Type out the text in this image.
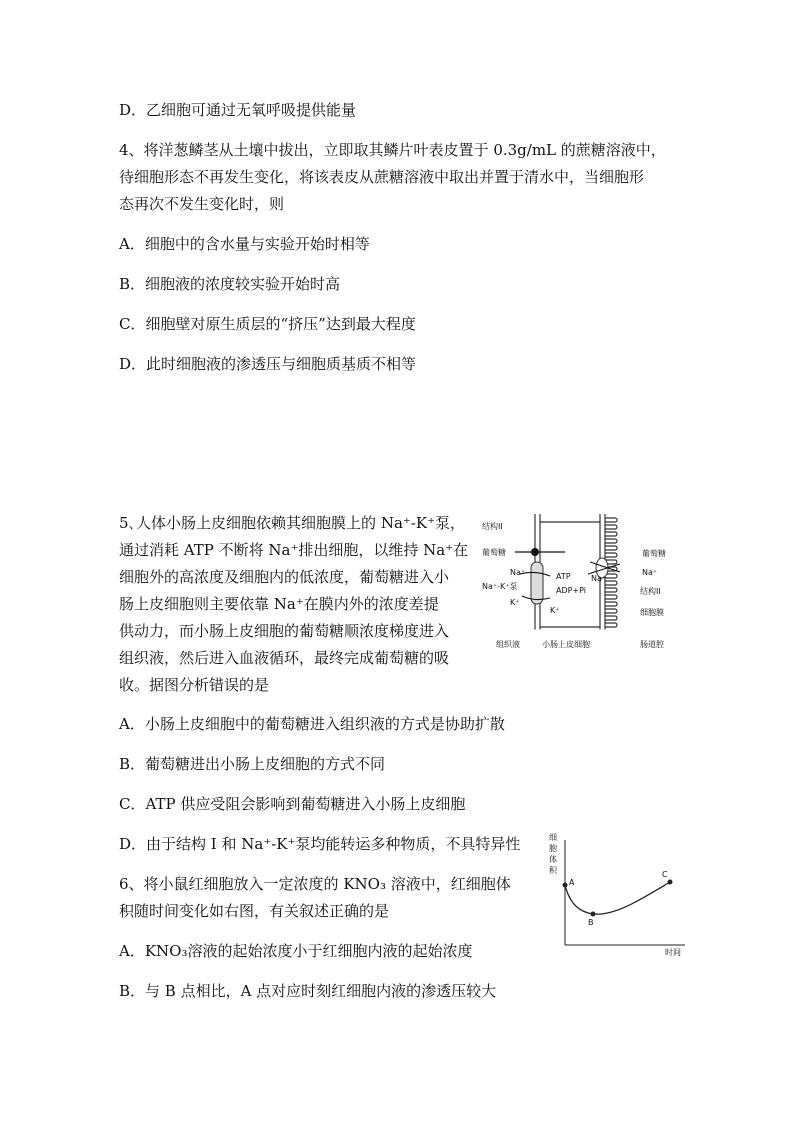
D．乙细胞可通过无氧呼吸提供能量
4、将洋葱鳞茎从土壤中拔出，立即取其鳞片叶表皮置于 0.3g/mL 的蔗糖溶液中，
待细胞形态不再发生变化，将该表皮从蔗糖溶液中取出并置于清水中，当细胞形
态再次不发生变化时，则
A．细胞中的含水量与实验开始时相等
B．细胞液的浓度较实验开始时高
C．细胞壁对原生质层的“挤压”达到最大程度
D．此时细胞液的渗透压与细胞质基质不相等
5､人体小肠上皮细胞依赖其细胞膜上的 Na⁺-K⁺泵，
通过消耗 ATP 不断将 Na⁺排出细胞，以维持 Na⁺在
细胞外的高浓度及细胞内的低浓度，葡萄糖进入小
肠上皮细胞则主要依靠 Na⁺在膜内外的浓度差提
供动力，而小肠上皮细胞的葡萄糖顺浓度梯度进入
组织液，然后进入血液循环，最终完成葡萄糖的吸
收。据图分析错误的是
结构II
葡萄糖
Na⁺
Na⁺-K⁺泵
K⁺
ATP
ADP+Pi
K⁺
葡萄糖
Na⁺
Na⁺
结构II
细胞膜
组织液	小肠上皮细胞	肠道腔
A．小肠上皮细胞中的葡萄糖进入组织液的方式是协助扩散
B．葡萄糖进出小肠上皮细胞的方式不同
C．ATP 供应受阻会影响到葡萄糖进入小肠上皮细胞
D．由于结构 I 和 Na⁺-K⁺泵均能转运多种物质，不具特异性
6、将小鼠红细胞放入一定浓度的 KNO₃ 溶液中，红细胞体
积随时间变化如右图，有关叙述正确的是
A．KNO₃溶液的起始浓度小于红细胞内液的起始浓度
B．与 B 点相比，A 点对应时刻红细胞内液的渗透压较大
细
胞
体
积
A
B
C
时间
